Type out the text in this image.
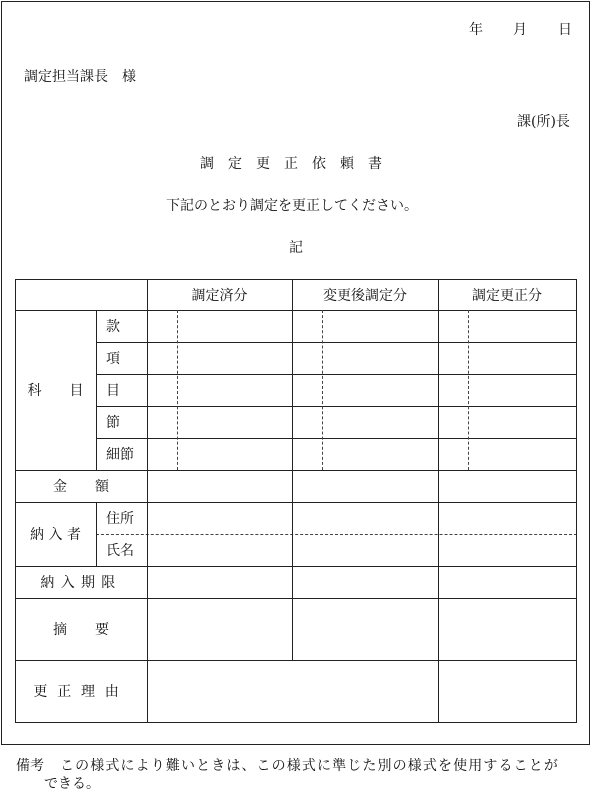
年 月 日
調定担当課長　様
課(所)長
調　定　更　正　依　頼　書
下記のとおり調定を更正してください。
記
調定済分	変更後調定分	調定更正分
科　　目
款
項
目
節
細節
金　　額
納 入 者
住所
氏名
納入期限
摘　　要
更正理由
備考 この様式により難いときは、この様式に準じた別の様式を使用することが
できる。
